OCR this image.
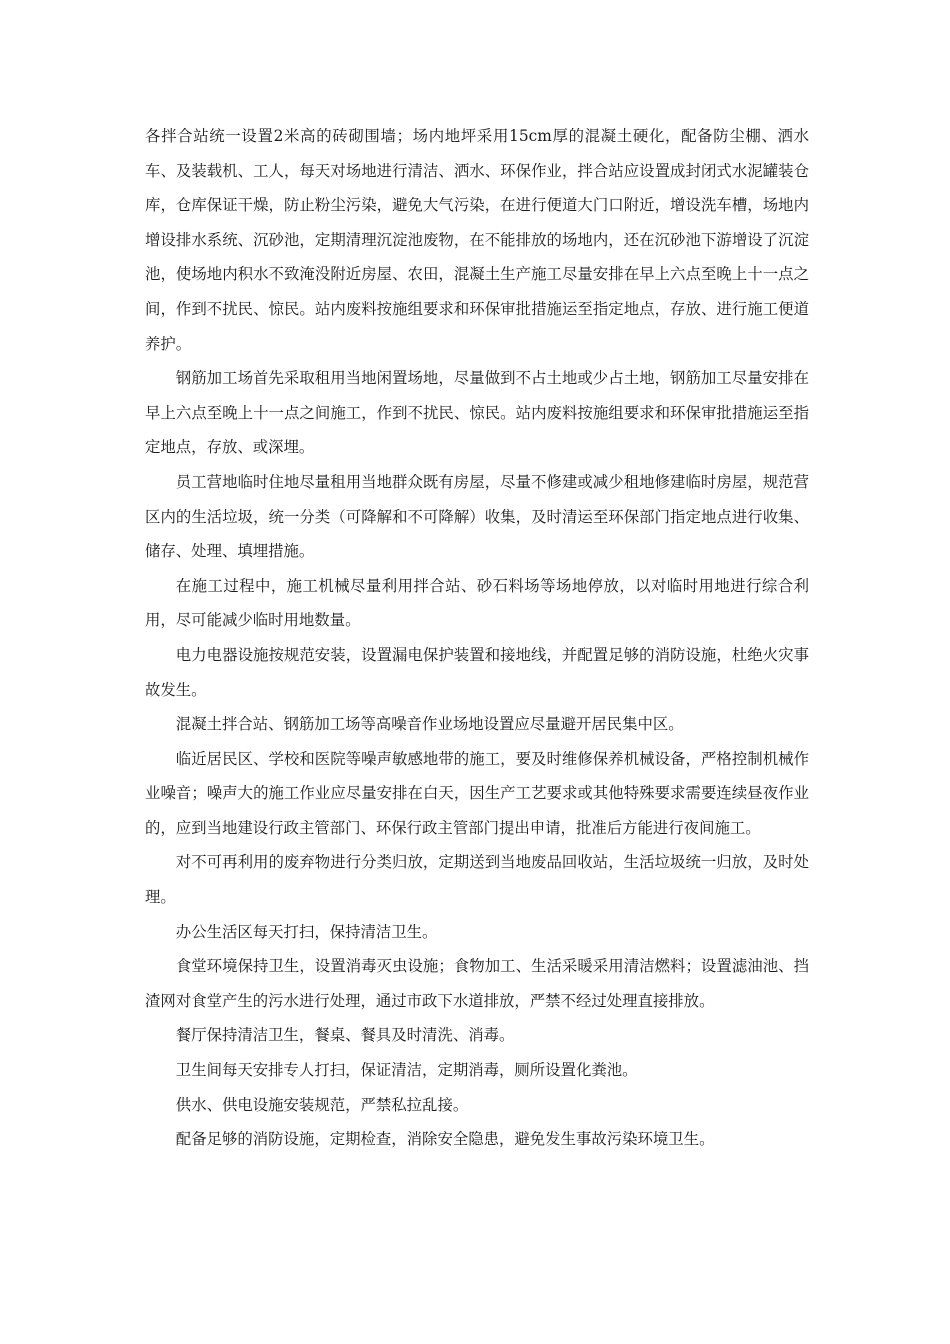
各拌合站统一设置2米高的砖砌围墙；场内地坪采用15cm厚的混凝土硬化，配备防尘棚、洒水车、及装载机、工人，每天对场地进行清洁、洒水、环保作业，拌合站应设置成封闭式水泥罐装仓库，仓库保证干燥，防止粉尘污染，避免大气污染，在进行便道大门口附近，增设洗车槽，场地内增设排水系统、沉砂池，定期清理沉淀池废物，在不能排放的场地内，还在沉砂池下游增设了沉淀池，使场地内积水不致淹没附近房屋、农田，混凝土生产施工尽量安排在早上六点至晚上十一点之间，作到不扰民、惊民。站内废料按施组要求和环保审批措施运至指定地点，存放、进行施工便道养护。

钢筋加工场首先采取租用当地闲置场地，尽量做到不占土地或少占土地，钢筋加工尽量安排在早上六点至晚上十一点之间施工，作到不扰民、惊民。站内废料按施组要求和环保审批措施运至指定地点，存放、或深埋。

员工营地临时住地尽量租用当地群众既有房屋，尽量不修建或减少租地修建临时房屋，规范营区内的生活垃圾，统一分类（可降解和不可降解）收集，及时清运至环保部门指定地点进行收集、储存、处理、填埋措施。

在施工过程中，施工机械尽量利用拌合站、砂石料场等场地停放，以对临时用地进行综合利用，尽可能减少临时用地数量。

电力电器设施按规范安装，设置漏电保护装置和接地线，并配置足够的消防设施，杜绝火灾事故发生。

混凝土拌合站、钢筋加工场等高噪音作业场地设置应尽量避开居民集中区。

临近居民区、学校和医院等噪声敏感地带的施工，要及时维修保养机械设备，严格控制机械作业噪音；噪声大的施工作业应尽量安排在白天，因生产工艺要求或其他特殊要求需要连续昼夜作业的，应到当地建设行政主管部门、环保行政主管部门提出申请，批准后方能进行夜间施工。

对不可再利用的废弃物进行分类归放，定期送到当地废品回收站，生活垃圾统一归放，及时处理。

办公生活区每天打扫，保持清洁卫生。

食堂环境保持卫生，设置消毒灭虫设施；食物加工、生活采暖采用清洁燃料；设置滤油池、挡渣网对食堂产生的污水进行处理，通过市政下水道排放，严禁不经过处理直接排放。

餐厅保持清洁卫生，餐桌、餐具及时清洗、消毒。

卫生间每天安排专人打扫，保证清洁，定期消毒，厕所设置化粪池。

供水、供电设施安装规范，严禁私拉乱接。

配备足够的消防设施，定期检查，消除安全隐患，避免发生事故污染环境卫生。
